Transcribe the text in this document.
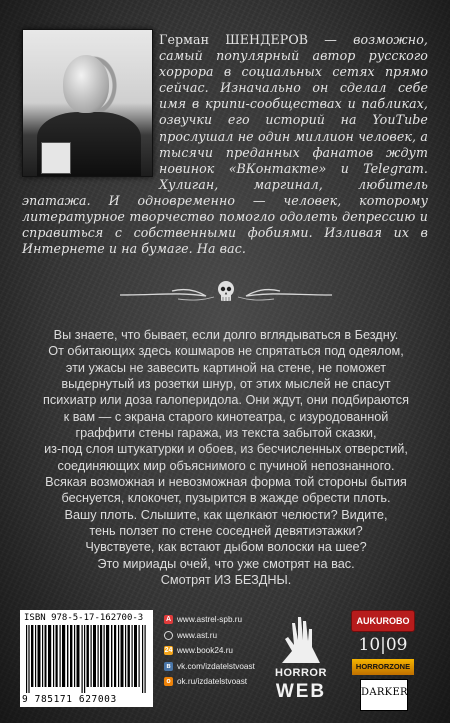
Герман ШЕНДЕРОВ — возможно, самый популярный автор русского хоррора в социальных сетях прямо сейчас. Изначально он сделал себе имя в крипи-сообществах и пабликах, озвучки его историй на YouTube прослушал не один миллион человек, а тысячи преданных фанатов ждут новинок «ВКонтакте» и Telegram. Хулиган, маргинал, любитель эпатажа. И одновременно — человек, которому литературное творчество помогло одолеть депрессию и справиться с собственными фобиями. Изливая их в Интернете и на бумаге. На вас.

Вы знаете, что бывает, если долго вглядываться в Бездну.
От обитающих здесь кошмаров не спрятаться под одеялом,
эти ужасы не завесить картиной на стене, не поможет
выдернутый из розетки шнур, от этих мыслей не спасут
психиатр или доза галоперидола. Они ждут, они подбираются
к вам — с экрана старого кинотеатра, с изуродованной
граффити стены гаража, из текста забытой сказки,
из-под слоя штукатурки и обоев, из бесчисленных отверстий,
соединяющих мир объяснимого с пучиной непознанного.

Всякая возможная и невозможная форма той стороны бытия
беснуется, клокочет, пузырится в жажде обрести плоть.
Вашу плоть. Слышите, как щелкают челюсти? Видите,
тень ползет по стене соседней девятиэтажки?
Чувствуете, как встают дыбом волоски на шее?
Это мириады очей, что уже смотрят на вас.
Смотрят ИЗ БЕЗДНЫ.

ISBN 978-5-17-162700-3
9 785171 627003
А www.astrel-spb.ru
www.ast.ru
24 www.book24.ru
в vk.com/izdatelstvoast
о ok.ru/izdatelstvoast
HORROR
WEB
AUKUROBO
10|09
HORRORZONE
DARKER
